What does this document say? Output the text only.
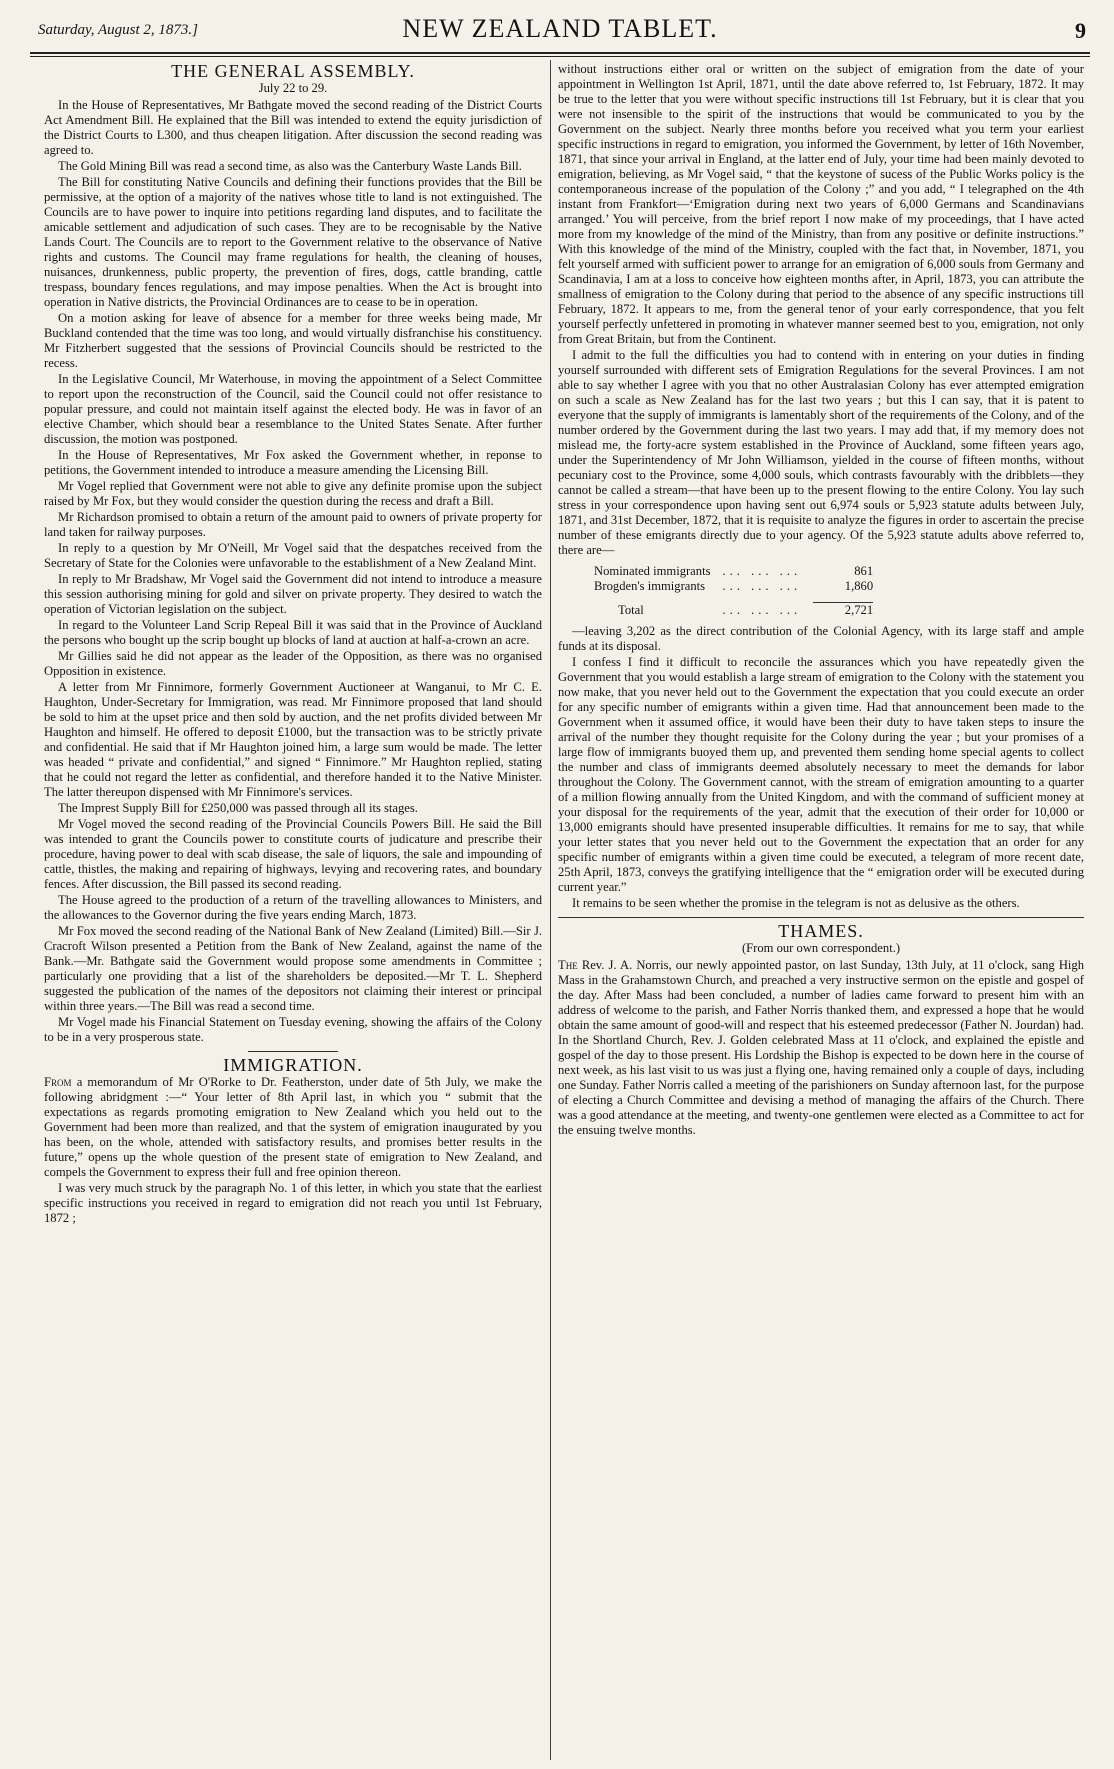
Saturday, August 2, 1873.]	NEW ZEALAND TABLET.	9
THE GENERAL ASSEMBLY.
July 22 to 29.

In the House of Representatives, Mr Bathgate moved the second reading of the District Courts Act Amendment Bill. He explained that the Bill was intended to extend the equity jurisdiction of the District Courts to L300, and thus cheapen litigation. After discussion the second reading was agreed to.

The Gold Mining Bill was read a second time, as also was the Canterbury Waste Lands Bill.

The Bill for constituting Native Councils and defining their functions provides that the Bill be permissive, at the option of a majority of the natives whose title to land is not extinguished. The Councils are to have power to inquire into petitions regarding land disputes, and to facilitate the amicable settlement and adjudication of such cases. They are to be recognisable by the Native Lands Court. The Councils are to report to the Government relative to the observance of Native rights and customs. The Council may frame regulations for health, the cleaning of houses, nuisances, drunkenness, public property, the prevention of fires, dogs, cattle branding, cattle trespass, boundary fences regulations, and may impose penalties. When the Act is brought into operation in Native districts, the Provincial Ordinances are to cease to be in operation.

On a motion asking for leave of absence for a member for three weeks being made, Mr Buckland contended that the time was too long, and would virtually disfranchise his constituency. Mr Fitzherbert suggested that the sessions of Provincial Councils should be restricted to the recess.

In the Legislative Council, Mr Waterhouse, in moving the appointment of a Select Committee to report upon the reconstruction of the Council, said the Council could not offer resistance to popular pressure, and could not maintain itself against the elected body. He was in favor of an elective Chamber, which should bear a resemblance to the United States Senate. After further discussion, the motion was postponed.

In the House of Representatives, Mr Fox asked the Government whether, in reponse to petitions, the Government intended to introduce a measure amending the Licensing Bill.

Mr Vogel replied that Government were not able to give any definite promise upon the subject raised by Mr Fox, but they would consider the question during the recess and draft a Bill.

Mr Richardson promised to obtain a return of the amount paid to owners of private property for land taken for railway purposes.

In reply to a question by Mr O'Neill, Mr Vogel said that the despatches received from the Secretary of State for the Colonies were unfavorable to the establishment of a New Zealand Mint.

In reply to Mr Bradshaw, Mr Vogel said the Government did not intend to introduce a measure this session authorising mining for gold and silver on private property. They desired to watch the operation of Victorian legislation on the subject.

In regard to the Volunteer Land Scrip Repeal Bill it was said that in the Province of Auckland the persons who bought up the scrip bought up blocks of land at auction at half-a-crown an acre.

Mr Gillies said he did not appear as the leader of the Opposition, as there was no organised Opposition in existence.

A letter from Mr Finnimore, formerly Government Auctioneer at Wanganui, to Mr C. E. Haughton, Under-Secretary for Immigration, was read. Mr Finnimore proposed that land should be sold to him at the upset price and then sold by auction, and the net profits divided between Mr Haughton and himself. He offered to deposit £1000, but the transaction was to be strictly private and confidential. He said that if Mr Haughton joined him, a large sum would be made. The letter was headed “ private and confidential,” and signed “ Finnimore.” Mr Haughton replied, stating that he could not regard the letter as confidential, and therefore handed it to the Native Minister. The latter thereupon dispensed with Mr Finnimore's services.

The Imprest Supply Bill for £250,000 was passed through all its stages.

Mr Vogel moved the second reading of the Provincial Councils Powers Bill. He said the Bill was intended to grant the Councils power to constitute courts of judicature and prescribe their procedure, having power to deal with scab disease, the sale of liquors, the sale and impounding of cattle, thistles, the making and repairing of highways, levying and recovering rates, and boundary fences. After discussion, the Bill passed its second reading.

The House agreed to the production of a return of the travelling allowances to Ministers, and the allowances to the Governor during the five years ending March, 1873.

Mr Fox moved the second reading of the National Bank of New Zealand (Limited) Bill.—Sir J. Cracroft Wilson presented a Petition from the Bank of New Zealand, against the name of the Bank.—Mr. Bathgate said the Government would propose some amendments in Committee ; particularly one providing that a list of the shareholders be deposited.—Mr T. L. Shepherd suggested the publication of the names of the depositors not claiming their interest or principal within three years.—The Bill was read a second time.

Mr Vogel made his Financial Statement on Tuesday evening, showing the affairs of the Colony to be in a very prosperous state.

IMMIGRATION.

From a memorandum of Mr O'Rorke to Dr. Featherston, under date of 5th July, we make the following abridgment :—“ Your letter of 8th April last, in which you “ submit that the expectations as regards promoting emigration to New Zealand which you held out to the Government had been more than realized, and that the system of emigration inaugurated by you has been, on the whole, attended with satisfactory results, and promises better results in the future,” opens up the whole question of the present state of emigration to New Zealand, and compels the Government to express their full and free opinion thereon.

I was very much struck by the paragraph No. 1 of this letter, in which you state that the earliest specific instructions you received in regard to emigration did not reach you until 1st February, 1872 ;

without instructions either oral or written on the subject of emigration from the date of your appointment in Wellington 1st April, 1871, until the date above referred to, 1st February, 1872. It may be true to the letter that you were without specific instructions till 1st February, but it is clear that you were not insensible to the spirit of the instructions that would be communicated to you by the Government on the subject. Nearly three months before you received what you term your earliest specific instructions in regard to emigration, you informed the Government, by letter of 16th November, 1871, that since your arrival in England, at the latter end of July, your time had been mainly devoted to emigration, believing, as Mr Vogel said, “ that the keystone of sucess of the Public Works policy is the contemporaneous increase of the population of the Colony ;” and you add, “ I telegraphed on the 4th instant from Frankfort—‘Emigration during next two years of 6,000 Germans and Scandinavians arranged.’ You will perceive, from the brief report I now make of my proceedings, that I have acted more from my knowledge of the mind of the Ministry, than from any positive or definite instructions.” With this knowledge of the mind of the Ministry, coupled with the fact that, in November, 1871, you felt yourself armed with sufficient power to arrange for an emigration of 6,000 souls from Germany and Scandinavia, I am at a loss to conceive how eighteen months after, in April, 1873, you can attribute the smallness of emigration to the Colony during that period to the absence of any specific instructions till February, 1872. It appears to me, from the general tenor of your early correspondence, that you felt yourself perfectly unfettered in promoting in whatever manner seemed best to you, emigration, not only from Great Britain, but from the Continent.

I admit to the full the difficulties you had to contend with in entering on your duties in finding yourself surrounded with different sets of Emigration Regulations for the several Provinces. I am not able to say whether I agree with you that no other Australasian Colony has ever attempted emigration on such a scale as New Zealand has for the last two years ; but this I can say, that it is patent to everyone that the supply of immigrants is lamentably short of the requirements of the Colony, and of the number ordered by the Government during the last two years. I may add that, if my memory does not mislead me, the forty-acre system established in the Province of Auckland, some fifteen years ago, under the Superintendency of Mr John Williamson, yielded in the course of fifteen months, without pecuniary cost to the Province, some 4,000 souls, which contrasts favourably with the dribblets—they cannot be called a stream—that have been up to the present flowing to the entire Colony. You lay such stress in your correspondence upon having sent out 6,974 souls or 5,923 statute adults between July, 1871, and 31st December, 1872, that it is requisite to analyze the figures in order to ascertain the precise number of these emigrants directly due to your agency. Of the 5,923 statute adults above referred to, there are—

Nominated immigrants	... ... ...	861
Brogden's immigrants	... ... ...	1,860
Total	... ... ...	2,721

—leaving 3,202 as the direct contribution of the Colonial Agency, with its large staff and ample funds at its disposal.

I confess I find it difficult to reconcile the assurances which you have repeatedly given the Government that you would establish a large stream of emigration to the Colony with the statement you now make, that you never held out to the Government the expectation that you could execute an order for any specific number of emigrants within a given time. Had that announcement been made to the Government when it assumed office, it would have been their duty to have taken steps to insure the arrival of the number they thought requisite for the Colony during the year ; but your promises of a large flow of immigrants buoyed them up, and prevented them sending home special agents to collect the number and class of immigrants deemed absolutely necessary to meet the demands for labor throughout the Colony. The Government cannot, with the stream of emigration amounting to a quarter of a million flowing annually from the United Kingdom, and with the command of sufficient money at your disposal for the requirements of the year, admit that the execution of their order for 10,000 or 13,000 emigrants should have presented insuperable difficulties. It remains for me to say, that while your letter states that you never held out to the Government the expectation that an order for any specific number of emigrants within a given time could be executed, a telegram of more recent date, 25th April, 1873, conveys the gratifying intelligence that the “ emigration order will be executed during current year.”

It remains to be seen whether the promise in the telegram is not as delusive as the others.

THAMES.
(From our own correspondent.)

The Rev. J. A. Norris, our newly appointed pastor, on last Sunday, 13th July, at 11 o'clock, sang High Mass in the Grahamstown Church, and preached a very instructive sermon on the epistle and gospel of the day. After Mass had been concluded, a number of ladies came forward to present him with an address of welcome to the parish, and Father Norris thanked them, and expressed a hope that he would obtain the same amount of good-will and respect that his esteemed predecessor (Father N. Jourdan) had. In the Shortland Church, Rev. J. Golden celebrated Mass at 11 o'clock, and explained the epistle and gospel of the day to those present. His Lordship the Bishop is expected to be down here in the course of next week, as his last visit to us was just a flying one, having remained only a couple of days, including one Sunday. Father Norris called a meeting of the parishioners on Sunday afternoon last, for the purpose of electing a Church Committee and devising a method of managing the affairs of the Church. There was a good attendance at the meeting, and twenty-one gentlemen were elected as a Committee to act for the ensuing twelve months.
